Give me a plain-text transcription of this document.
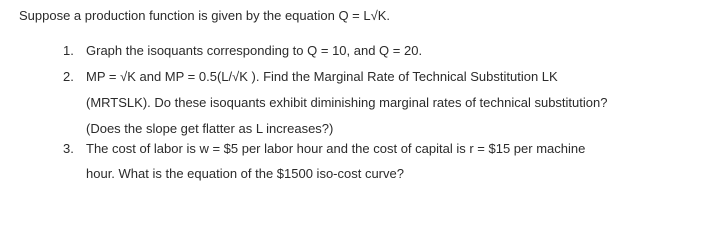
Suppose a production function is given by the equation Q = L√K.
1. Graph the isoquants corresponding to Q = 10, and Q = 20.
2. MP = √K and MP = 0.5(L/√K ). Find the Marginal Rate of Technical Substitution LK
(MRTSLK). Do these isoquants exhibit diminishing marginal rates of technical substitution?
(Does the slope get flatter as L increases?)
3. The cost of labor is w = $5 per labor hour and the cost of capital is r = $15 per machine
hour. What is the equation of the $1500 iso-cost curve?
